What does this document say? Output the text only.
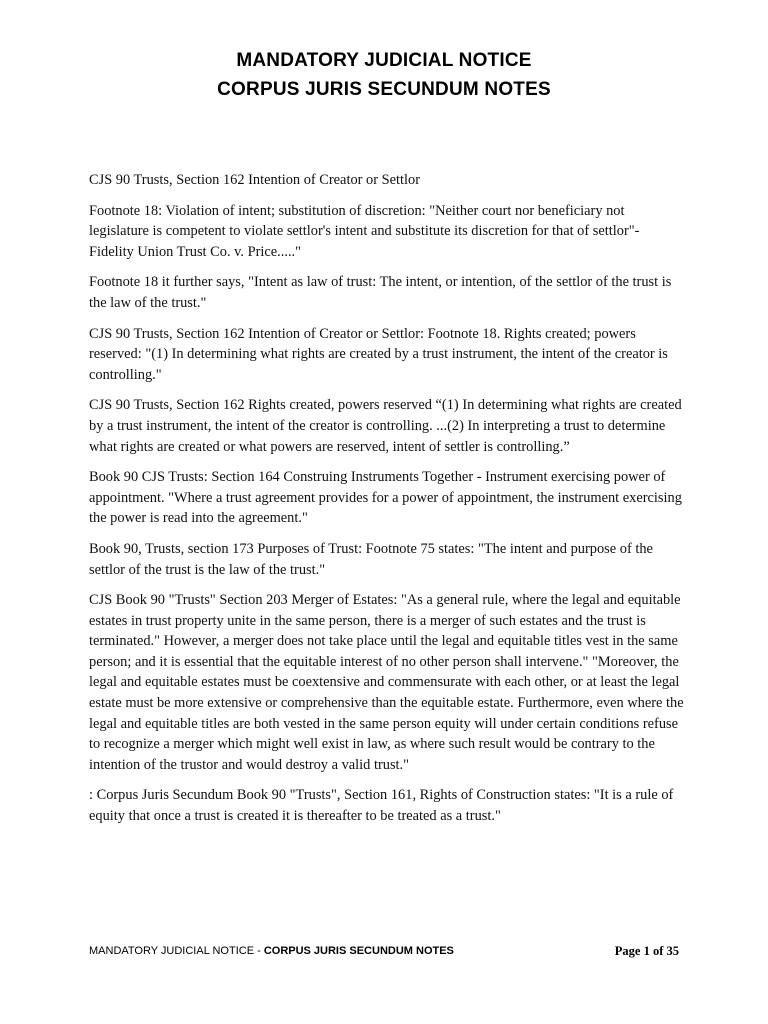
MANDATORY JUDICIAL NOTICE
CORPUS JURIS SECUNDUM NOTES

CJS 90 Trusts, Section 162 Intention of Creator or Settlor

Footnote 18: Violation of intent; substitution of discretion: "Neither court nor beneficiary not legislature is competent to violate settlor's intent and substitute its discretion for that of settlor"- Fidelity Union Trust Co. v. Price....."

Footnote 18 it further says, "Intent as law of trust: The intent, or intention, of the settlor of the trust is the law of the trust."

CJS 90 Trusts, Section 162 Intention of Creator or Settlor: Footnote 18. Rights created; powers reserved: "(1) In determining what rights are created by a trust instrument, the intent of the creator is controlling."

CJS 90 Trusts, Section 162 Rights created, powers reserved “(1) In determining what rights are created by a trust instrument, the intent of the creator is controlling. ...(2) In interpreting a trust to determine what rights are created or what powers are reserved, intent of settler is controlling.”

Book 90 CJS Trusts: Section 164 Construing Instruments Together - Instrument exercising power of appointment. "Where a trust agreement provides for a power of appointment, the instrument exercising the power is read into the agreement."

Book 90, Trusts, section 173 Purposes of Trust: Footnote 75 states: "The intent and purpose of the settlor of the trust is the law of the trust."

CJS Book 90 "Trusts" Section 203 Merger of Estates: "As a general rule, where the legal and equitable estates in trust property unite in the same person, there is a merger of such estates and the trust is terminated." However, a merger does not take place until the legal and equitable titles vest in the same person; and it is essential that the equitable interest of no other person shall intervene." "Moreover, the legal and equitable estates must be coextensive and commensurate with each other, or at least the legal estate must be more extensive or comprehensive than the equitable estate. Furthermore, even where the legal and equitable titles are both vested in the same person equity will under certain conditions refuse to recognize a merger which might well exist in law, as where such result would be contrary to the intention of the trustor and would destroy a valid trust."

: Corpus Juris Secundum Book 90 "Trusts", Section 161, Rights of Construction states: "It is a rule of equity that once a trust is created it is thereafter to be treated as a trust."

MANDATORY JUDICIAL NOTICE - CORPUS JURIS SECUNDUM NOTES	Page 1 of 35
